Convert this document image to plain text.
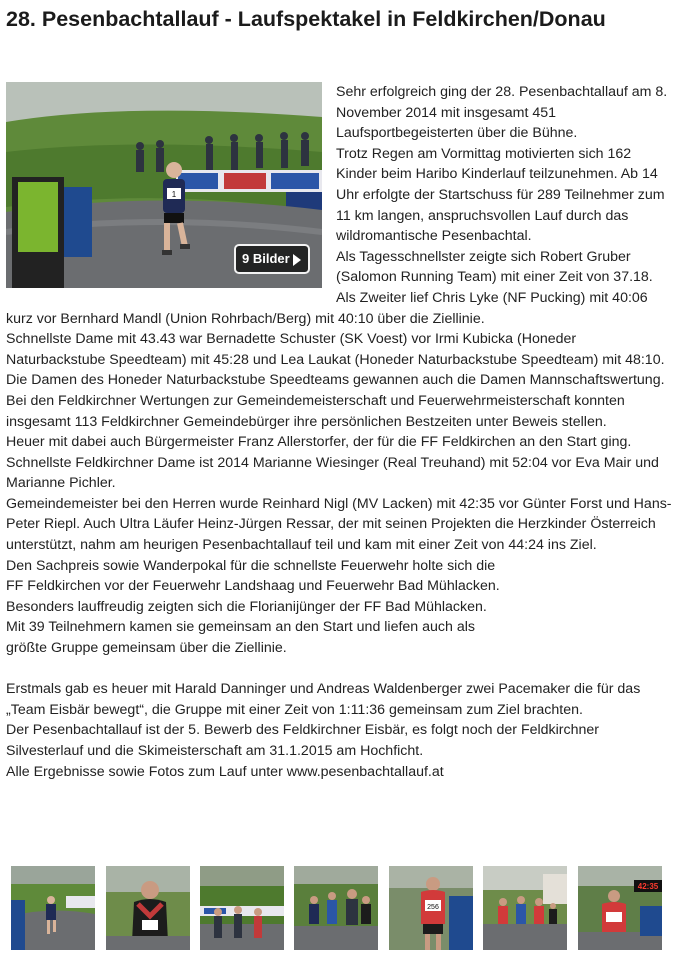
28. Pesenbachtallauf - Laufspektakel in Feldkirchen/Donau
1
9 Bilder

Sehr erfolgreich ging der 28. Pesenbachtallauf am 8. November 2014 mit insgesamt 451 Laufsportbegeisterten über die Bühne.

Trotz Regen am Vormittag motivierten sich 162 Kinder beim Haribo Kinderlauf teilzunehmen. Ab 14 Uhr erfolgte der Startschuss für 289 Teilnehmer zum 11 km langen, anspruchsvollen Lauf durch das wildromantische Pesenbachtal.

Als Tagesschnellster zeigte sich Robert Gruber (Salomon Running Team) mit einer Zeit von 37.18. Als Zweiter lief Chris Lyke (NF Pucking) mit 40:06 kurz vor Bernhard Mandl (Union Rohrbach/Berg) mit 40:10 über die Ziellinie.

Schnellste Dame mit 43.43 war Bernadette Schuster (SK Voest) vor Irmi Kubicka (Honeder Naturbackstube Speedteam) mit 45:28 und Lea Laukat (Honeder Naturbackstube Speedteam) mit 48:10. Die Damen des Honeder Naturbackstube Speedteams gewannen auch die Damen Mannschaftswertung.

Bei den Feldkirchner Wertungen zur Gemeindemeisterschaft und Feuerwehrmeisterschaft konnten insgesamt 113 Feldkirchner Gemeindebürger ihre persönlichen Bestzeiten unter Beweis stellen.

Heuer mit dabei auch Bürgermeister Franz Allerstorfer, der für die FF Feldkirchen an den Start ging.

Schnellste Feldkirchner Dame ist 2014 Marianne Wiesinger (Real Treuhand) mit 52:04 vor Eva Mair und Marianne Pichler.

Gemeindemeister bei den Herren wurde Reinhard Nigl (MV Lacken) mit 42:35 vor Günter Forst und Hans-Peter Riepl. Auch Ultra Läufer Heinz-Jürgen Ressar, der mit seinen Projekten die Herzkinder Österreich unterstützt, nahm am heurigen Pesenbachtallauf teil und kam mit einer Zeit von 44:24 ins Ziel.

Den Sachpreis sowie Wanderpokal für die schnellste Feuerwehr holte sich die

FF Feldkirchen vor der Feuerwehr Landshaag und Feuerwehr Bad Mühlacken.

Besonders lauffreudig zeigten sich die Florianijünger der FF Bad Mühlacken.

Mit 39 Teilnehmern kamen sie gemeinsam an den Start und liefen auch als

größte Gruppe gemeinsam über die Ziellinie.

Erstmals gab es heuer mit Harald Danninger und Andreas Waldenberger zwei Pacemaker die für das „Team Eisbär bewegt“, die Gruppe mit einer Zeit von 1:11:36 gemeinsam zum Ziel brachten.

Der Pesenbachtallauf ist der 5. Bewerb des Feldkirchner Eisbär, es folgt noch der Feldkirchner Silvesterlauf und die Skimeisterschaft am 31.1.2015 am Hochficht.

Alle Ergebnisse sowie Fotos zum Lauf unter www.pesenbachtallauf.at

256
42:35
